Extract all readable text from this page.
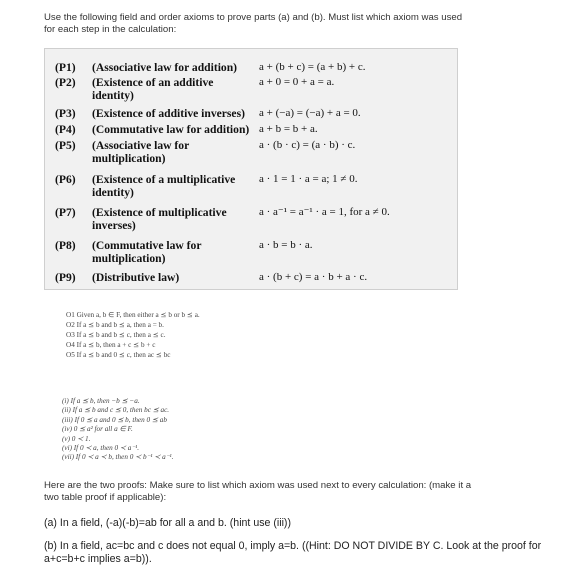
Use the following field and order axioms to prove parts (a) and (b). Must list which axiom was used for each step in the calculation:
(P1) (Associative law for addition)	a + (b + c) = (a + b) + c.
(P2) (Existence of an additive identity)
a + 0 = 0 + a = a.
(P3) (Existence of additive inverses)	a + (−a) = (−a) + a = 0.
(P4) (Commutative law for addition) a + b = b + a.
(P5) (Associative law for multiplication)
a · (b · c) = (a · b) · c.
(P6) (Existence of a multiplicative identity)
a · 1 = 1 · a = a; 1 ≠ 0.
(P7) (Existence of multiplicative inverses)
a · a⁻¹ = a⁻¹ · a = 1, for a ≠ 0.
(P8) (Commutative law for multiplication)
a · b = b · a.
(P9) (Distributive law)	a · (b + c) = a · b + a · c.
O1 Given a, b ∈ F, then either a ⪯ b or b ⪯ a.
O2 If a ⪯ b and b ⪯ a, then a = b.
O3 If a ⪯ b and b ⪯ c, then a ⪯ c.
O4 If a ⪯ b, then a + c ⪯ b + c
O5 If a ⪯ b and 0 ⪯ c, then ac ⪯ bc
(i) If a ⪯ b, then −b ⪯ −a.
(ii) If a ⪯ b and c ⪯ 0, then bc ⪯ ac.
(iii) If 0 ⪯ a and 0 ⪯ b, then 0 ⪯ ab
(iv) 0 ⪯ a² for all a ∈ F.
(v) 0 ≺ 1.
(vi) If 0 ≺ a, then 0 ≺ a⁻¹.
(vii) If 0 ≺ a ≺ b, then 0 ≺ b⁻¹ ≺ a⁻¹.
Here are the two proofs: Make sure to list which axiom was used next to every calculation: (make it a two table proof if applicable):
(a) In a field, (-a)(-b)=ab for all a and b. (hint use (iii))
(b) In a field, ac=bc and c does not equal 0, imply a=b. ((Hint: DO NOT DIVIDE BY C. Look at the proof for a+c=b+c implies a=b)).
